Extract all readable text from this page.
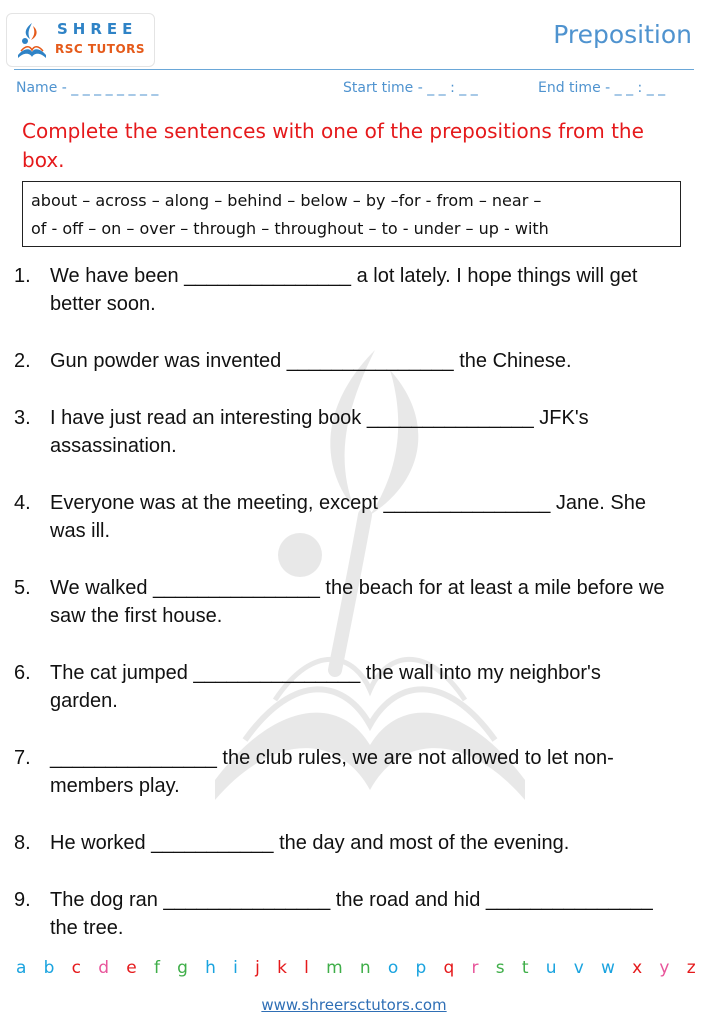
SHREE
RSC TUTORS	Preposition
Name - _ _ _ _ _ _ _ _	Start time - _ _ : _ _	End time - _ _ : _ _
Complete the sentences with one of the prepositions from the box.
about – across – along – behind – below – by –for - from – near –
of - off – on – over – through – throughout – to - under – up - with
1. We have been _______________ a lot lately. I hope things will get better soon.
2. Gun powder was invented _______________ the Chinese.
3. I have just read an interesting book _______________ JFK's assassination.
4. Everyone was at the meeting, except _______________ Jane. She was ill.
5. We walked _______________ the beach for at least a mile before we saw the first house.
6. The cat jumped _______________ the wall into my neighbor's garden.
7. _______________ the club rules, we are not allowed to let non-members play.
8. He worked ___________ the day and most of the evening.
9. The dog ran _______________ the road and hid _______________ the tree.
a b c d e f g h i j k l m n o p q r s t u v w x y z
www.shreersctutors.com
